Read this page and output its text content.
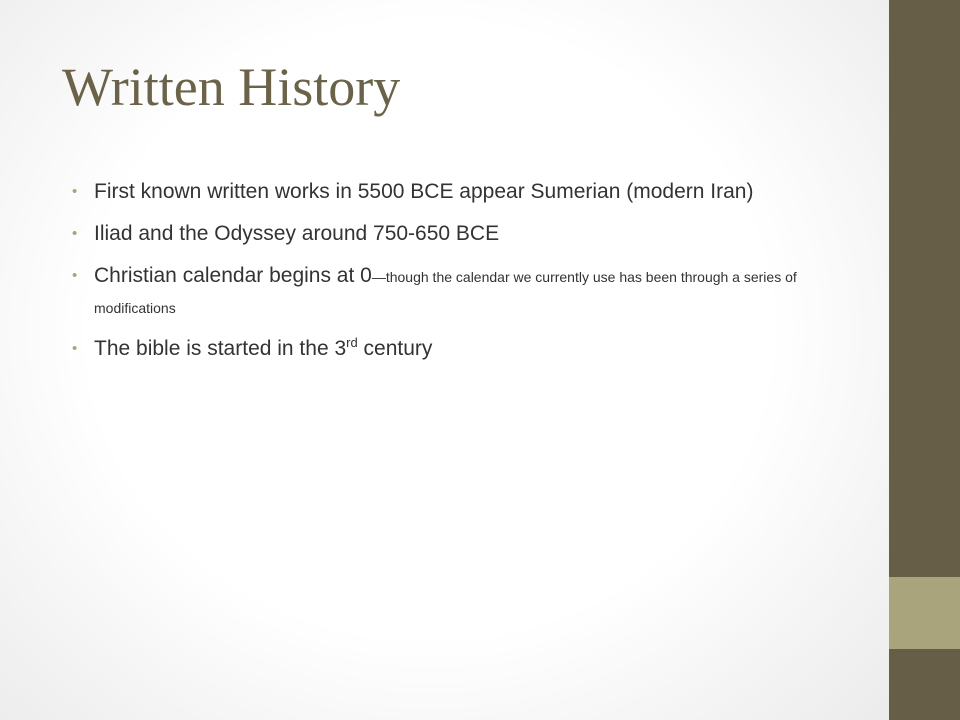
Written History
• First known written works in 5500 BCE appear Sumerian (modern Iran)
• Iliad and the Odyssey around 750-650 BCE
• Christian calendar begins at 0—though the calendar we currently use has been through a series of modifications
• The bible is started in the 3rd century
